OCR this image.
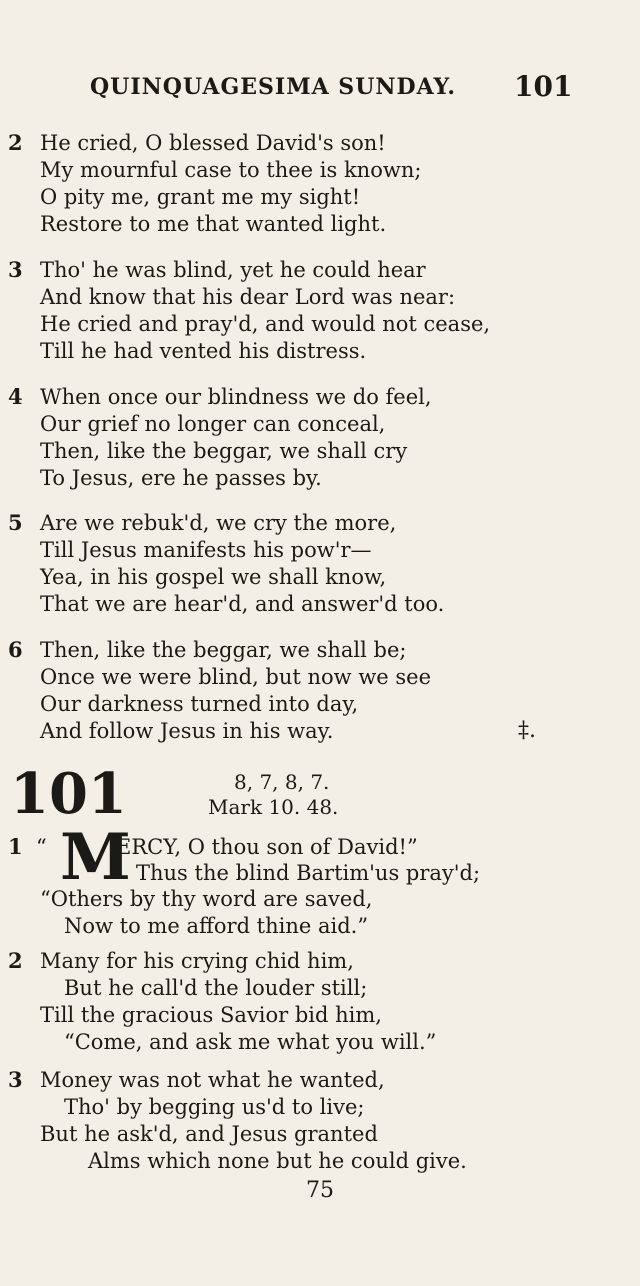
QUINQUAGESIMA SUNDAY. 101
2 He cried, O blessed David's son!
My mournful case to thee is known;
O pity me, grant me my sight!
Restore to me that wanted light.
3 Tho' he was blind, yet he could hear
And know that his dear Lord was near:
He cried and pray'd, and would not cease,
Till he had vented his distress.
4 When once our blindness we do feel,
Our grief no longer can conceal,
Then, like the beggar, we shall cry
To Jesus, ere he passes by.
5 Are we rebuk'd, we cry the more,
Till Jesus manifests his pow'r—
Yea, in his gospel we shall know,
That we are hear'd, and answer'd too.
6 Then, like the beggar, we shall be;
Once we were blind, but now we see
Our darkness turned into day,
And follow Jesus in his way.	‡.
101	8, 7, 8, 7.
Mark 10. 48.
1 “ M
ERCY, O thou son of David!”
Thus the blind Bartim'us pray'd;
“Others by thy word are saved,
Now to me afford thine aid.”
2 Many for his crying chid him,
But he call'd the louder still;
Till the gracious Savior bid him,
“Come, and ask me what you will.”
3 Money was not what he wanted,
Tho' by begging us'd to live;
But he ask'd, and Jesus granted
Alms which none but he could give.
75
